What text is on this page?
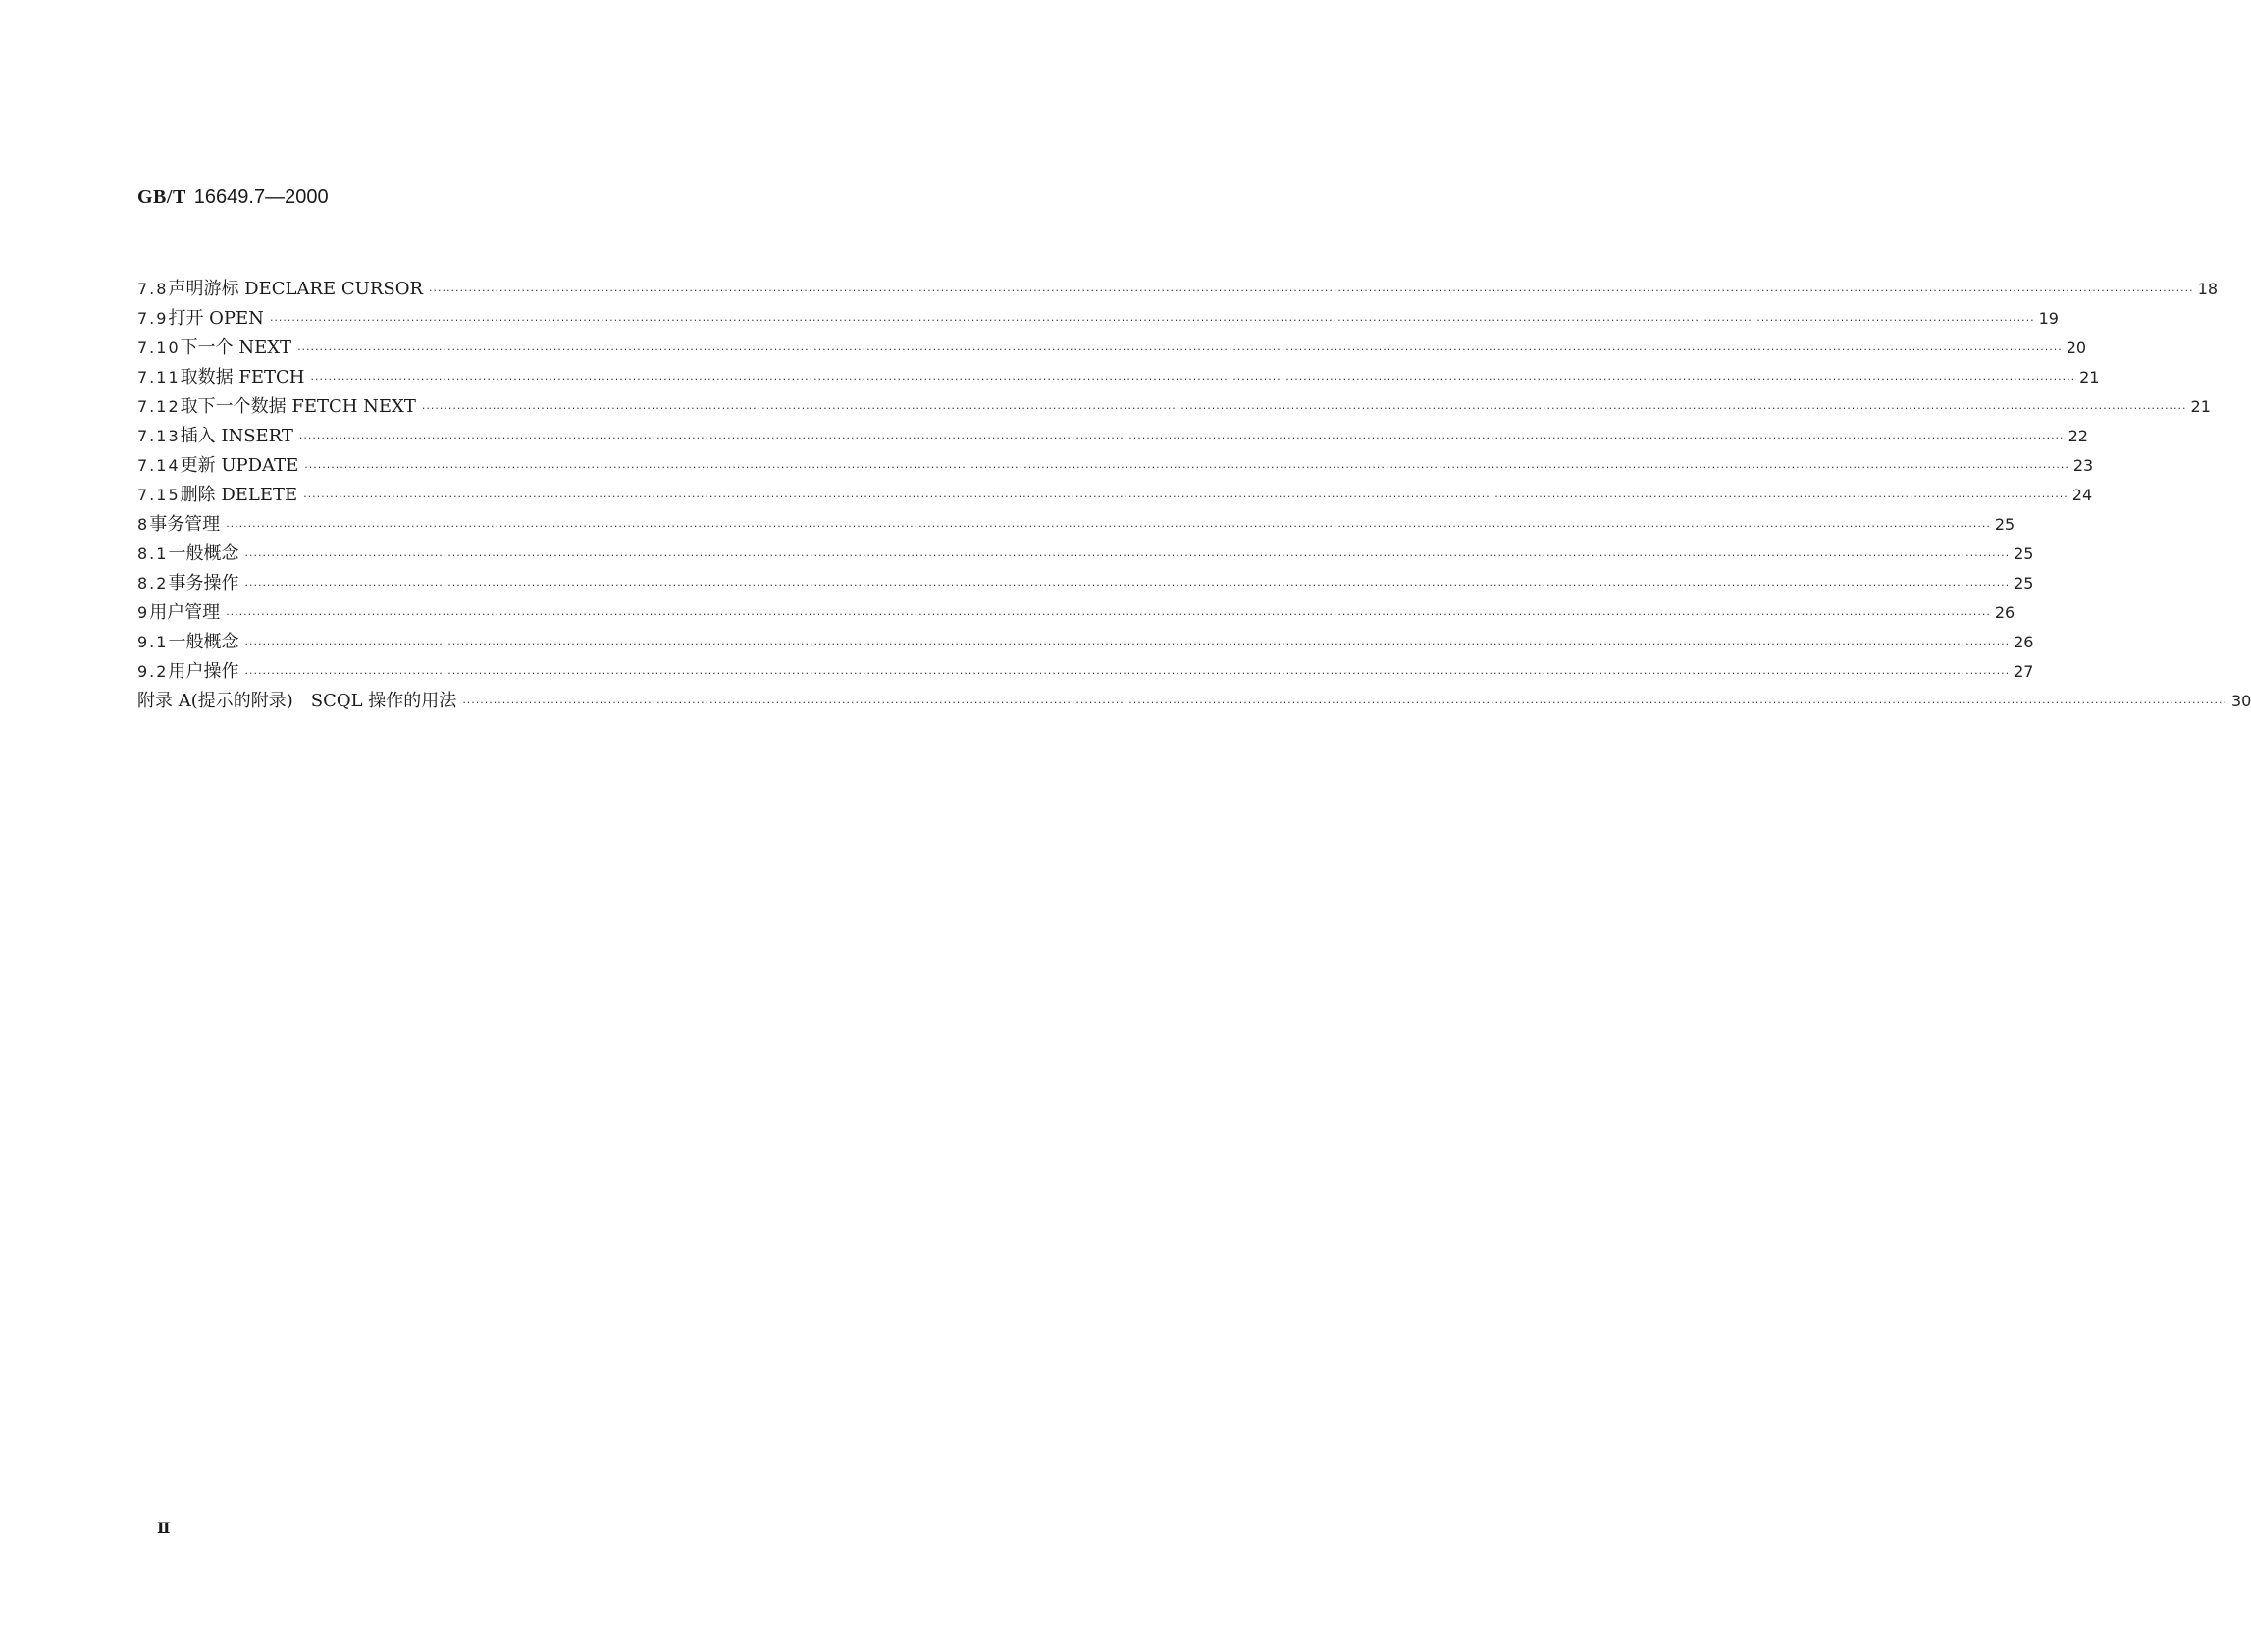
GB/T 16649.7—2000
7.8 声明游标 DECLARE CURSOR ················································································································································································································································································································································································································ 18
7.9 打开 OPEN ················································································································································································································································································································································································································ 19
7.10 下一个 NEXT ················································································································································································································································································································································································································ 20
7.11 取数据 FETCH ················································································································································································································································································································································································································ 21
7.12 取下一个数据 FETCH NEXT ················································································································································································································································································································································································································ 21
7.13 插入 INSERT ················································································································································································································································································································································································································ 22
7.14 更新 UPDATE ················································································································································································································································································································································································································ 23
7.15 删除 DELETE ················································································································································································································································································································································································································ 24
8 事务管理 ················································································································································································································································································································································································································ 25
8.1 一般概念 ················································································································································································································································································································································································································ 25
8.2 事务操作 ················································································································································································································································································································································································································ 25
9 用户管理 ················································································································································································································································································································································································································ 26
9.1 一般概念 ················································································································································································································································································································································································································ 26
9.2 用户操作 ················································································································································································································································································································································································································ 27
附录 A(提示的附录)　SCQL 操作的用法 ················································································································································································································································································································································································································ 30
Ⅱ
